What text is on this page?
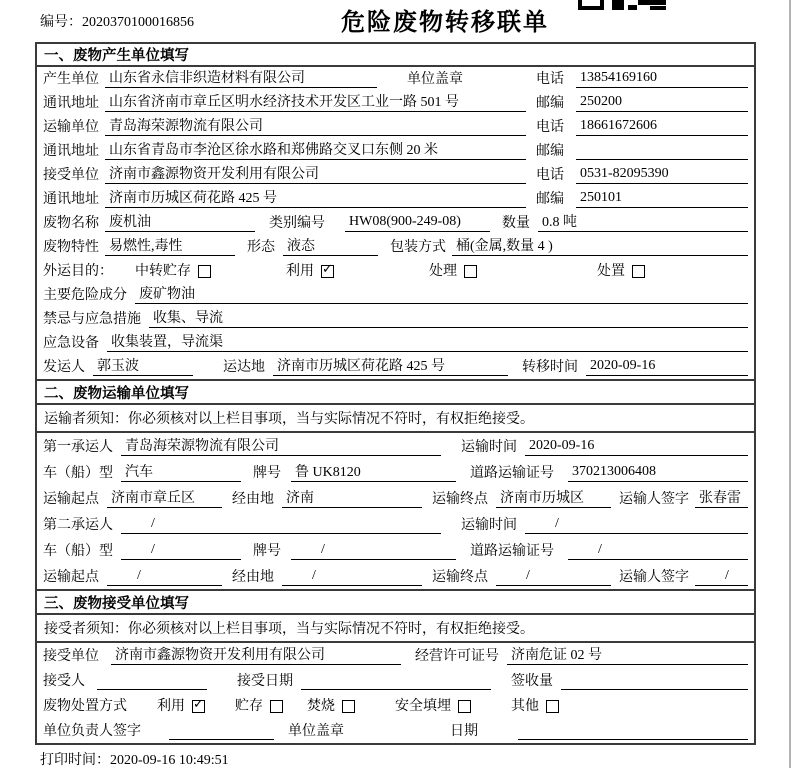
编号：2020370100016856	危险废物转移联单
一、废物产生单位填写
产生单位 山东省永信非织造材料有限公司	单位盖章	电话	13854169160
通讯地址 山东省济南市章丘区明水经济技术开发区工业一路 501 号	邮编	250200
运输单位 青岛海荣源物流有限公司	电话	18661672606
通讯地址 山东省青岛市李沧区徐水路和郑佛路交叉口东侧 20 米	邮编
接受单位 济南市鑫源物资开发利用有限公司	电话	0531-82095390
通讯地址 济南市历城区荷花路 425 号	邮编	250101
废物名称 废机油	类别编号	HW08(900-249-08)	数量 0.8 吨
废物特性 易燃性,毒性	形态 液态	包装方式 桶(金属,数量 4 )
外运目的：	中转贮存	利用 ✓	处理	处置
主要危险成分 废矿物油
禁忌与应急措施 收集、导流
应急设备 收集装置，导流渠
发运人 郭玉波	运达地 济南市历城区荷花路 425 号	转移时间 2020-09-16
二、废物运输单位填写
运输者须知：你必须核对以上栏目事项，当与实际情况不符时，有权拒绝接受。
第一承运人 青岛海荣源物流有限公司	运输时间 2020-09-16
车（船）型 汽车	牌号 鲁 UK8120	道路运输证号	370213006408
运输起点 济南市章丘区	经由地 济南	运输终点 济南市历城区	运输人签字 张春雷
第二承运人	/	运输时间	/
车（船）型	/	牌号	/	道路运输证号	/
运输起点	/	经由地	/	运输终点	/	运输人签字	/
三、废物接受单位填写
接受者须知：你必须核对以上栏目事项，当与实际情况不符时，有权拒绝接受。
接受单位 济南市鑫源物资开发利用有限公司	经营许可证号 济南危证 02 号
接受人	接受日期	签收量
废物处置方式 利用 ✓	贮存	焚烧	安全填埋	其他
单位负责人签字	单位盖章	日期
打印时间：2020-09-16 10:49:51
